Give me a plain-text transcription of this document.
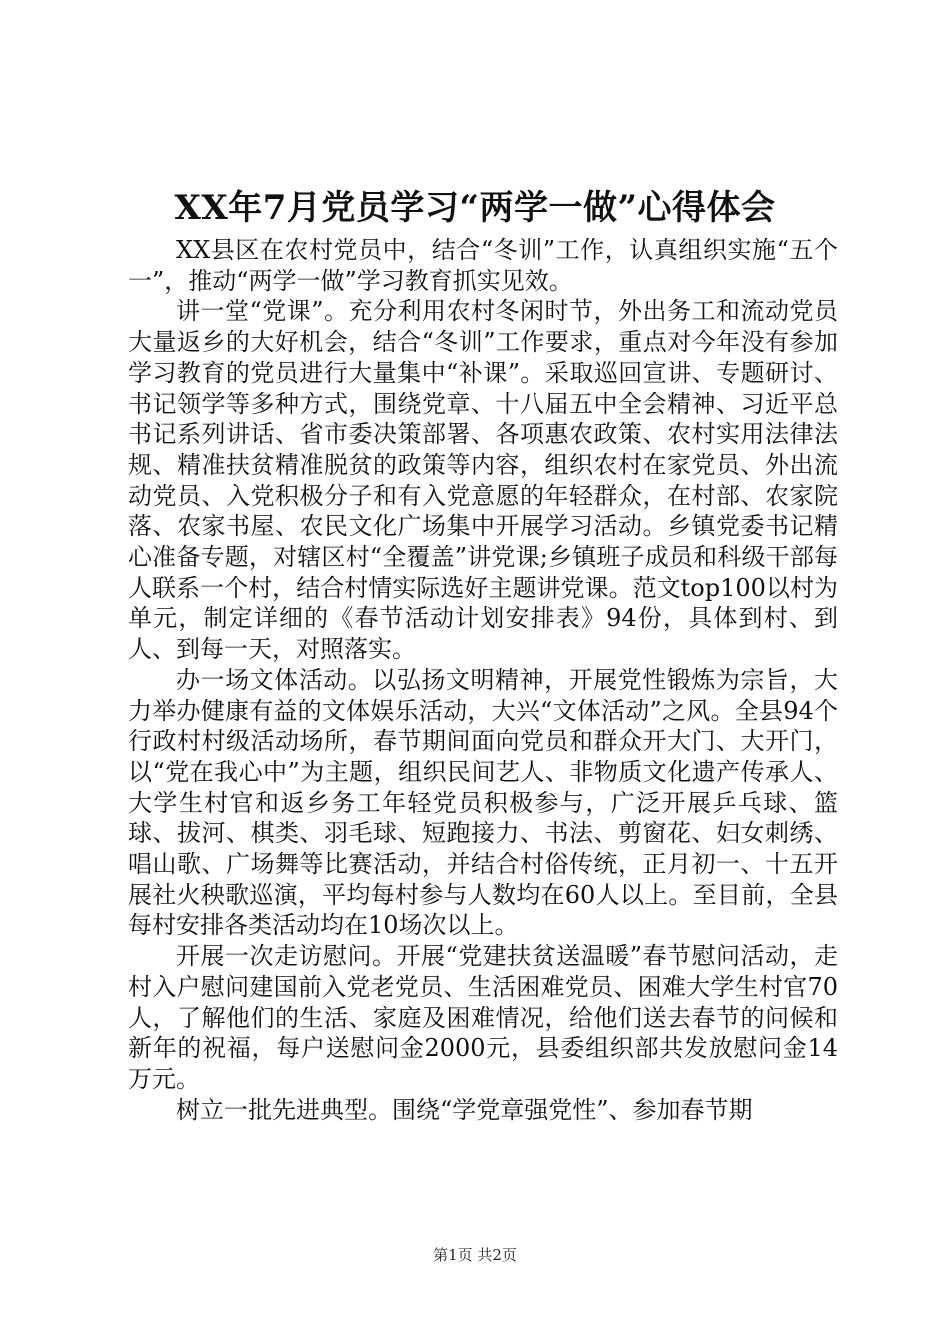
XX年7月党员学习“两学一做”心得体会

XX县区在农村党员中，结合“冬训”工作，认真组织实施“五个一”，推动“两学一做”学习教育抓实见效。

讲一堂“党课”。充分利用农村冬闲时节，外出务工和流动党员大量返乡的大好机会，结合“冬训”工作要求，重点对今年没有参加学习教育的党员进行大量集中“补课”。采取巡回宣讲、专题研讨、书记领学等多种方式，围绕党章、十八届五中全会精神、习近平总书记系列讲话、省市委决策部署、各项惠农政策、农村实用法律法规、精准扶贫精准脱贫的政策等内容，组织农村在家党员、外出流动党员、入党积极分子和有入党意愿的年轻群众，在村部、农家院落、农家书屋、农民文化广场集中开展学习活动。乡镇党委书记精心准备专题，对辖区村“全覆盖”讲党课;乡镇班子成员和科级干部每人联系一个村，结合村情实际选好主题讲党课。范文top100以村为单元，制定详细的《春节活动计划安排表》94份，具体到村、到人、到每一天，对照落实。

办一场文体活动。以弘扬文明精神，开展党性锻炼为宗旨，大力举办健康有益的文体娱乐活动，大兴“文体活动”之风。全县94个行政村村级活动场所，春节期间面向党员和群众开大门、大开门，以“党在我心中”为主题，组织民间艺人、非物质文化遗产传承人、大学生村官和返乡务工年轻党员积极参与，广泛开展乒乓球、篮球、拔河、棋类、羽毛球、短跑接力、书法、剪窗花、妇女刺绣、唱山歌、广场舞等比赛活动，并结合村俗传统，正月初一、十五开展社火秧歌巡演，平均每村参与人数均在60人以上。至目前，全县每村安排各类活动均在10场次以上。

开展一次走访慰问。开展“党建扶贫送温暖”春节慰问活动，走村入户慰问建国前入党老党员、生活困难党员、困难大学生村官70人，了解他们的生活、家庭及困难情况，给他们送去春节的问候和新年的祝福，每户送慰问金2000元，县委组织部共发放慰问金14万元。

树立一批先进典型。围绕“学党章强党性”、参加春节期

第1页 共2页
